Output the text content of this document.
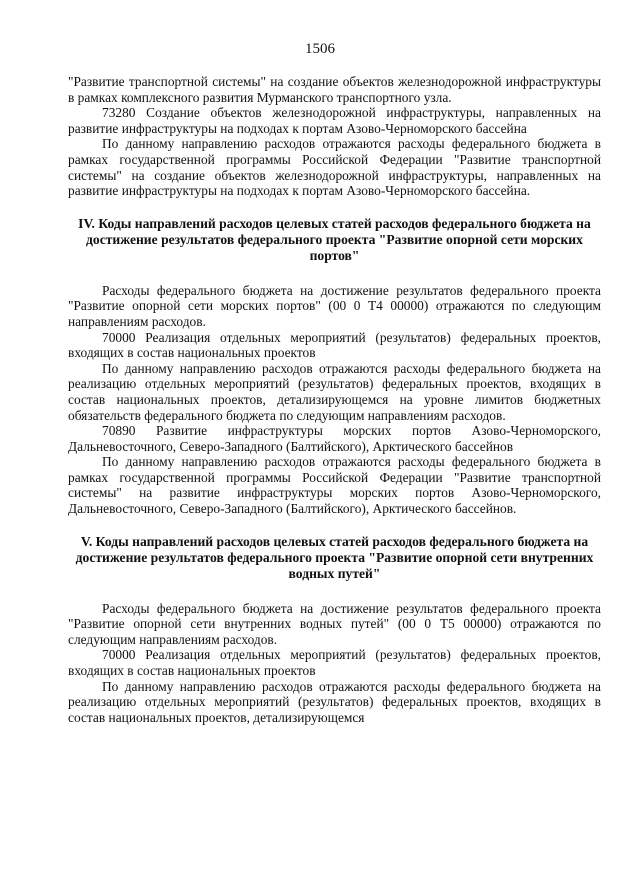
1506

"Развитие транспортной системы" на создание объектов железнодорожной инфраструктуры в рамках комплексного развития Мурманского транспортного узла.

73280 Создание объектов железнодорожной инфраструктуры, направленных на развитие инфраструктуры на подходах к портам Азово-Черноморского бассейна

По данному направлению расходов отражаются расходы федерального бюджета в рамках государственной программы Российской Федерации "Развитие транспортной системы" на создание объектов железнодорожной инфраструктуры, направленных на развитие инфраструктуры на подходах к портам Азово-Черноморского бассейна.

IV. Коды направлений расходов целевых статей расходов федерального бюджета на достижение результатов федерального проекта "Развитие опорной сети морских портов"

Расходы федерального бюджета на достижение результатов федерального проекта "Развитие опорной сети морских портов" (00 0 Т4 00000) отражаются по следующим направлениям расходов.

70000 Реализация отдельных мероприятий (результатов) федеральных проектов, входящих в состав национальных проектов

По данному направлению расходов отражаются расходы федерального бюджета на реализацию отдельных мероприятий (результатов) федеральных проектов, входящих в состав национальных проектов, детализирующемся на уровне лимитов бюджетных обязательств федерального бюджета по следующим направлениям расходов.

70890 Развитие инфраструктуры морских портов Азово-Черноморского, Дальневосточного, Северо-Западного (Балтийского), Арктического бассейнов

По данному направлению расходов отражаются расходы федерального бюджета в рамках государственной программы Российской Федерации "Развитие транспортной системы" на развитие инфраструктуры морских портов Азово-Черноморского, Дальневосточного, Северо-Западного (Балтийского), Арктического бассейнов.

V. Коды направлений расходов целевых статей расходов федерального бюджета на достижение результатов федерального проекта "Развитие опорной сети внутренних водных путей"

Расходы федерального бюджета на достижение результатов федерального проекта "Развитие опорной сети внутренних водных путей" (00 0 Т5 00000) отражаются по следующим направлениям расходов.

70000 Реализация отдельных мероприятий (результатов) федеральных проектов, входящих в состав национальных проектов

По данному направлению расходов отражаются расходы федерального бюджета на реализацию отдельных мероприятий (результатов) федеральных проектов, входящих в состав национальных проектов, детализирующемся
